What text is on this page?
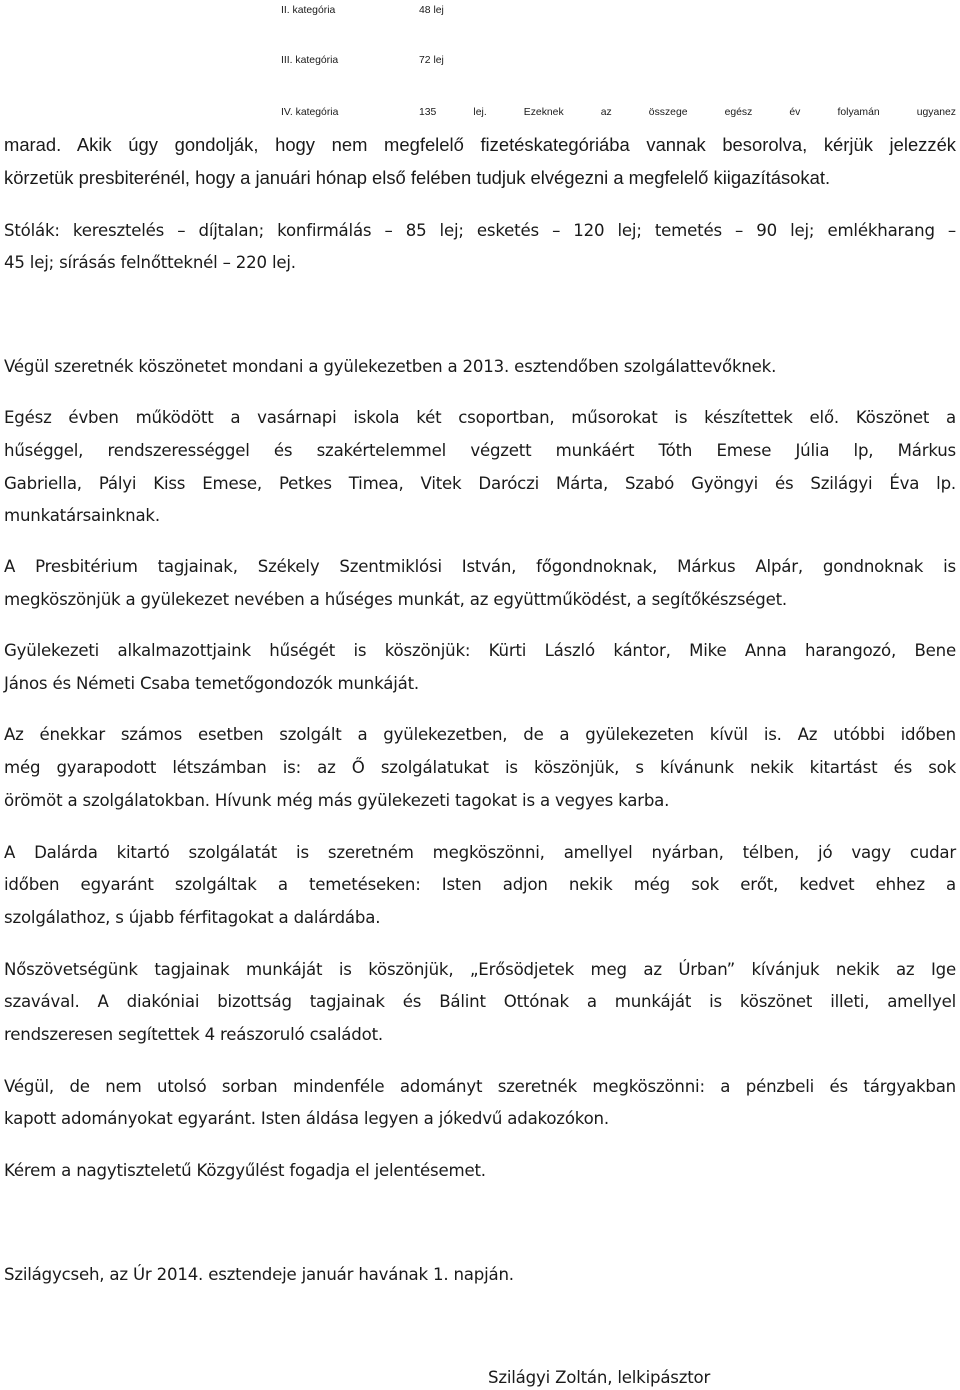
II. kategória	48 lej
III. kategória	72 lej
IV. kategória	135 lej. Ezeknek az összege egész év folyamán ugyanez
marad. Akik úgy gondolják, hogy nem megfelelő fizetéskategóriába vannak besorolva, kérjük jelezzék
körzetük presbiterénél, hogy a januári hónap első felében tudjuk elvégezni a megfelelő kiigazításokat.
Stólák: keresztelés – díjtalan; konfirmálás – 85 lej; esketés – 120 lej; temetés – 90 lej; emlékharang –
45 lej; sírásás felnőtteknél – 220 lej.
Végül szeretnék köszönetet mondani a gyülekezetben a 2013. esztendőben szolgálattevőknek.
Egész évben működött a vasárnapi iskola két csoportban, műsorokat is készítettek elő. Köszönet a
hűséggel, rendszerességgel és szakértelemmel végzett munkáért Tóth Emese Júlia lp, Márkus
Gabriella, Pályi Kiss Emese, Petkes Timea, Vitek Daróczi Márta, Szabó Gyöngyi és Szilágyi Éva lp.
munkatársainknak.
A Presbitérium tagjainak, Székely Szentmiklósi István, főgondnoknak, Márkus Alpár, gondnoknak is
megköszönjük a gyülekezet nevében a hűséges munkát, az együttműködést, a segítőkészséget.
Gyülekezeti alkalmazottjaink hűségét is köszönjük: Kürti László kántor, Mike Anna harangozó, Bene
János és Németi Csaba temetőgondozók munkáját.
Az énekkar számos esetben szolgált a gyülekezetben, de a gyülekezeten kívül is. Az utóbbi időben
még gyarapodott létszámban is: az Ő szolgálatukat is köszönjük, s kívánunk nekik kitartást és sok
örömöt a szolgálatokban. Hívunk még más gyülekezeti tagokat is a vegyes karba.
A Dalárda kitartó szolgálatát is szeretném megköszönni, amellyel nyárban, télben, jó vagy cudar
időben egyaránt szolgáltak a temetéseken: Isten adjon nekik még sok erőt, kedvet ehhez a
szolgálathoz, s újabb férfitagokat a dalárdába.
Nőszövetségünk tagjainak munkáját is köszönjük, „Erősödjetek meg az Úrban” kívánjuk nekik az Ige
szavával. A diakóniai bizottság tagjainak és Bálint Ottónak a munkáját is köszönet illeti, amellyel
rendszeresen segítettek 4 reászoruló családot.
Végül, de nem utolsó sorban mindenféle adományt szeretnék megköszönni: a pénzbeli és tárgyakban
kapott adományokat egyaránt. Isten áldása legyen a jókedvű adakozókon.
Kérem a nagytiszteletű Közgyűlést fogadja el jelentésemet.
Szilágycseh, az Úr 2014. esztendeje január havának 1. napján.
Szilágyi Zoltán, lelkipásztor
